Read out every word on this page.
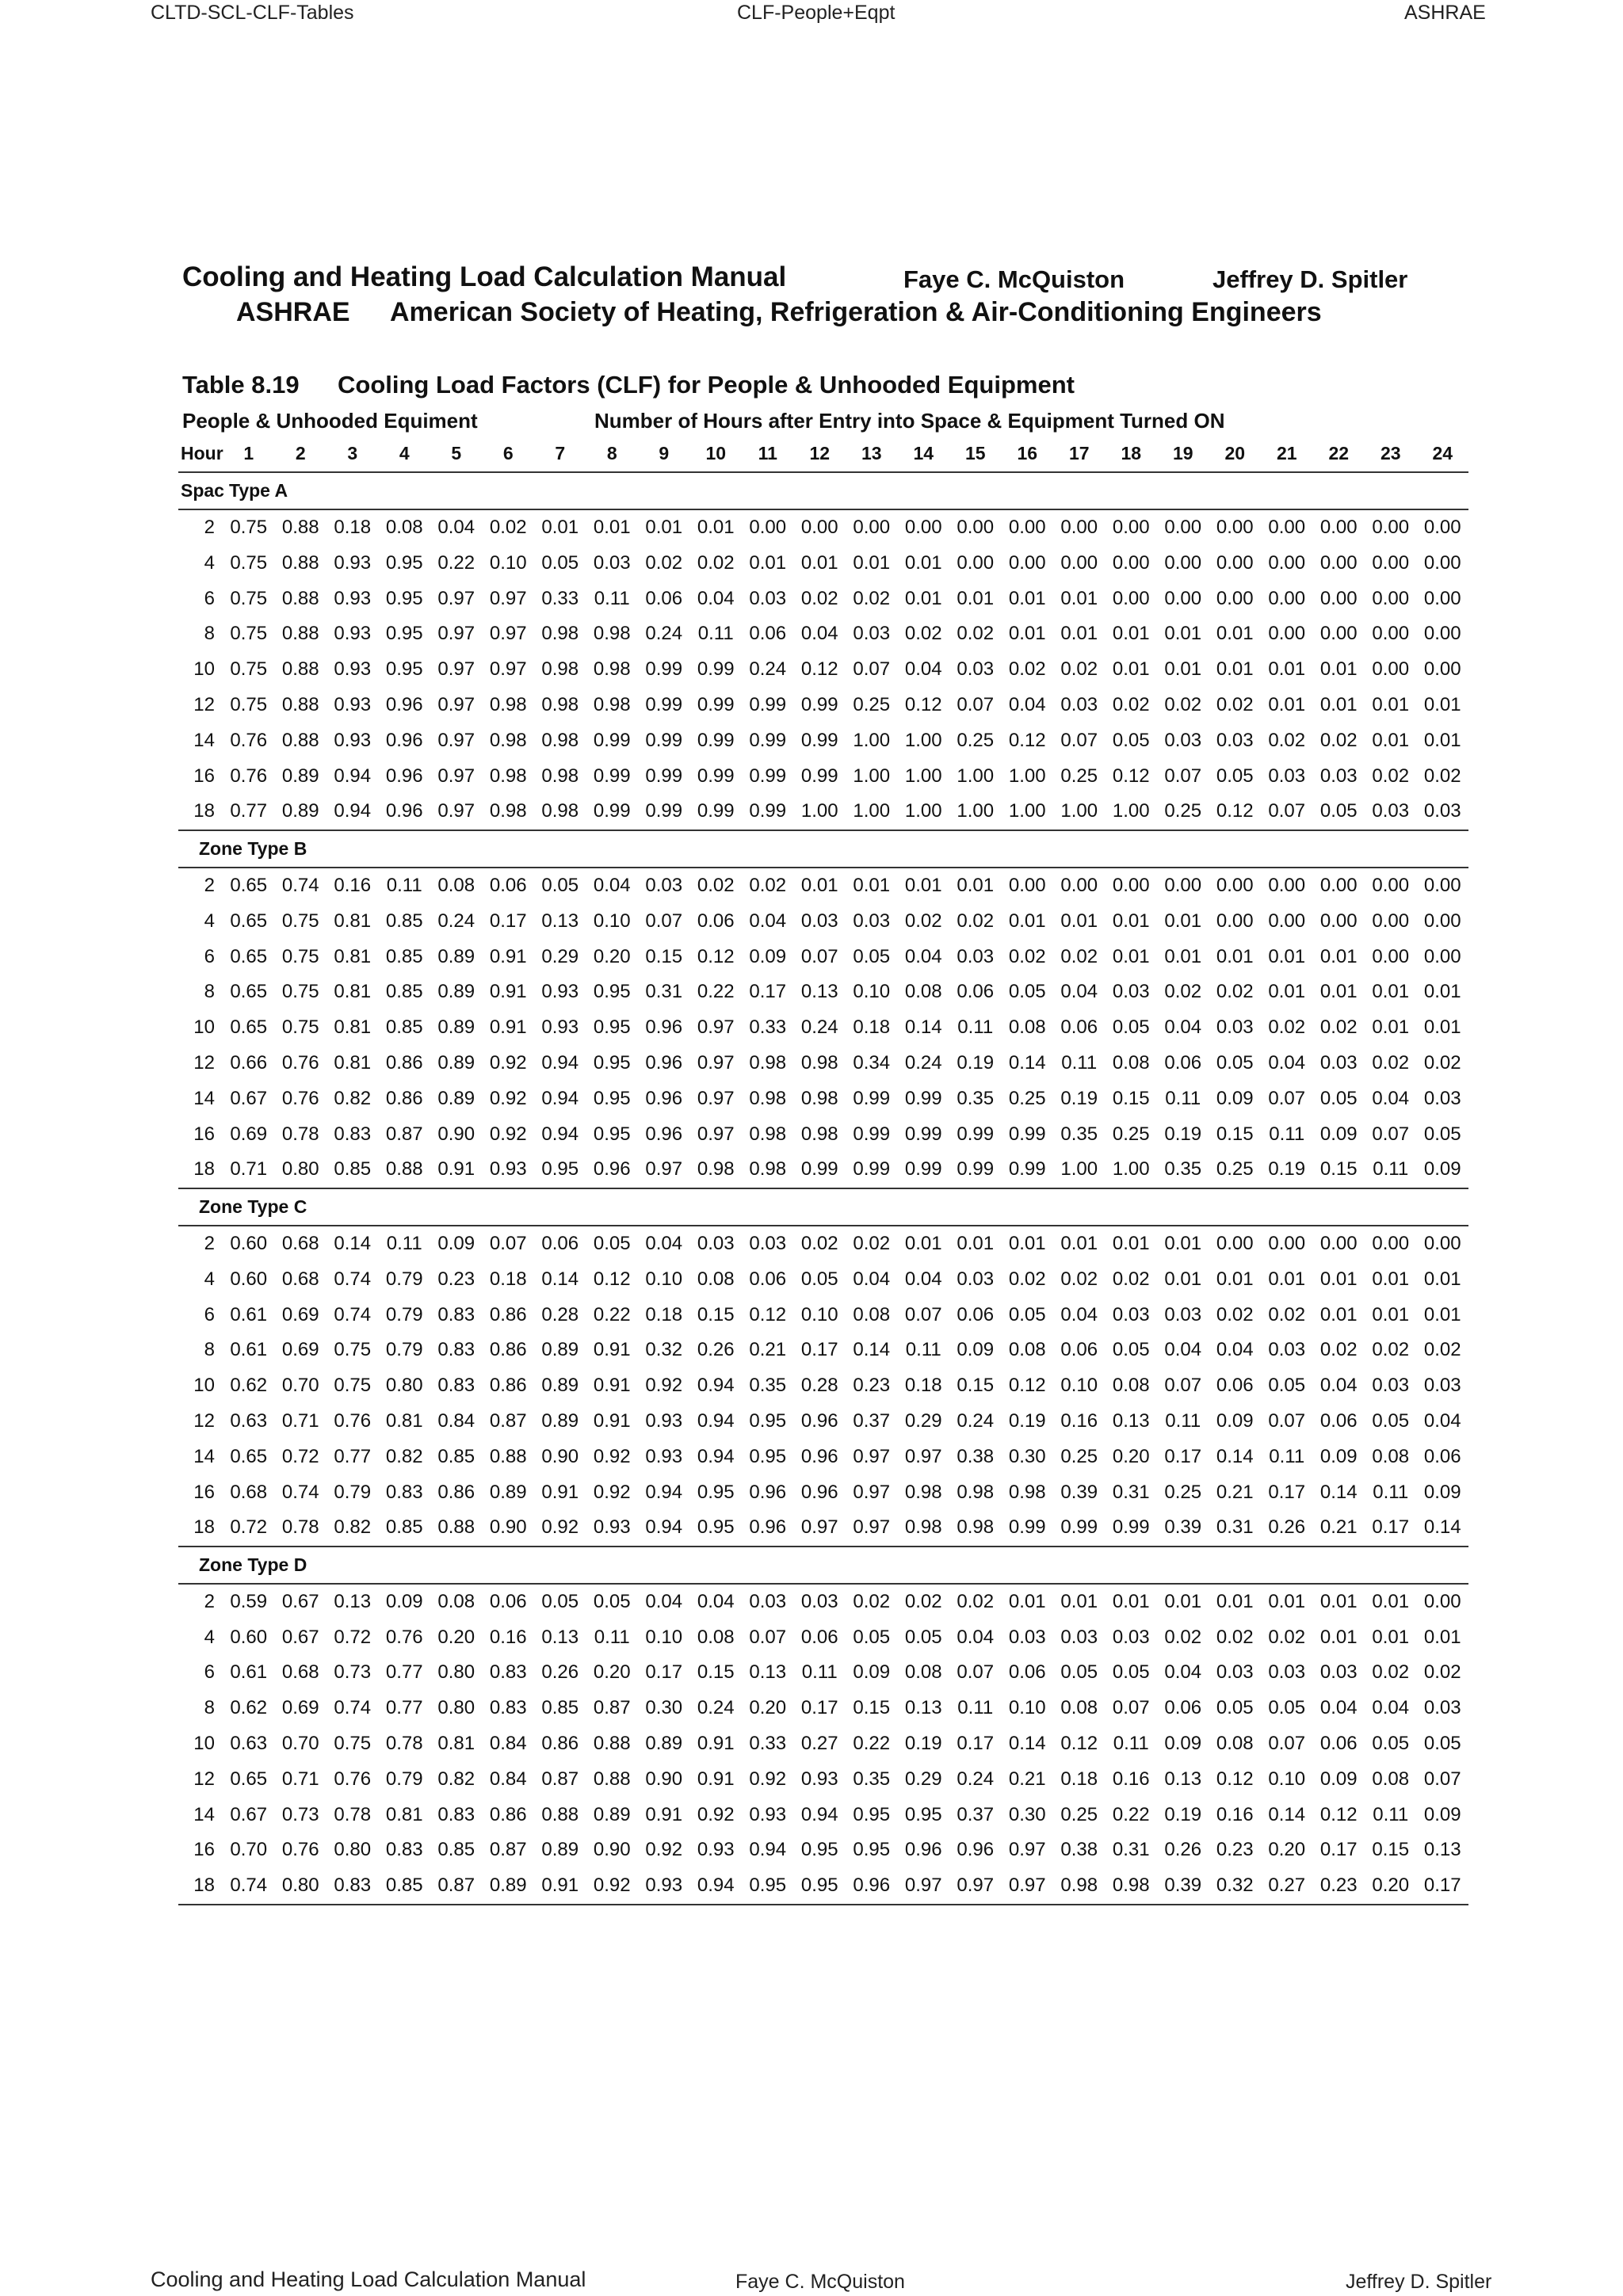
CLTD-SCL-CLF-Tables	CLF-People+Eqpt	ASHRAE
Cooling and Heating Load Calculation Manual	Faye C. McQuiston	Jeffrey D. Spitler
ASHRAE American Society of Heating, Refrigeration & Air-Conditioning Engineers
Table 8.19 Cooling Load Factors (CLF) for People & Unhooded Equipment
People & Unhooded Equiment	Number of Hours after Entry into Space & Equipment Turned ON
Hour	1	2	3	4	5	6	7	8	9	10	11	12	13	14	15	16	17	18	19	20	21	22	23	24
Spac	Type A																							
2	0.75	0.88	0.18	0.08	0.04	0.02	0.01	0.01	0.01	0.01	0.00	0.00	0.00	0.00	0.00	0.00	0.00	0.00	0.00	0.00	0.00	0.00	0.00	0.00
4	0.75	0.88	0.93	0.95	0.22	0.10	0.05	0.03	0.02	0.02	0.01	0.01	0.01	0.01	0.00	0.00	0.00	0.00	0.00	0.00	0.00	0.00	0.00	0.00
6	0.75	0.88	0.93	0.95	0.97	0.97	0.33	0.11	0.06	0.04	0.03	0.02	0.02	0.01	0.01	0.01	0.01	0.00	0.00	0.00	0.00	0.00	0.00	0.00
8	0.75	0.88	0.93	0.95	0.97	0.97	0.98	0.98	0.24	0.11	0.06	0.04	0.03	0.02	0.02	0.01	0.01	0.01	0.01	0.01	0.00	0.00	0.00	0.00
10	0.75	0.88	0.93	0.95	0.97	0.97	0.98	0.98	0.99	0.99	0.24	0.12	0.07	0.04	0.03	0.02	0.02	0.01	0.01	0.01	0.01	0.01	0.00	0.00
12	0.75	0.88	0.93	0.96	0.97	0.98	0.98	0.98	0.99	0.99	0.99	0.99	0.25	0.12	0.07	0.04	0.03	0.02	0.02	0.02	0.01	0.01	0.01	0.01
14	0.76	0.88	0.93	0.96	0.97	0.98	0.98	0.99	0.99	0.99	0.99	0.99	1.00	1.00	0.25	0.12	0.07	0.05	0.03	0.03	0.02	0.02	0.01	0.01
16	0.76	0.89	0.94	0.96	0.97	0.98	0.98	0.99	0.99	0.99	0.99	0.99	1.00	1.00	1.00	1.00	0.25	0.12	0.07	0.05	0.03	0.03	0.02	0.02
18	0.77	0.89	0.94	0.96	0.97	0.98	0.98	0.99	0.99	0.99	0.99	1.00	1.00	1.00	1.00	1.00	1.00	1.00	0.25	0.12	0.07	0.05	0.03	0.03
Zone Type B																								
2	0.65	0.74	0.16	0.11	0.08	0.06	0.05	0.04	0.03	0.02	0.02	0.01	0.01	0.01	0.01	0.00	0.00	0.00	0.00	0.00	0.00	0.00	0.00	0.00
4	0.65	0.75	0.81	0.85	0.24	0.17	0.13	0.10	0.07	0.06	0.04	0.03	0.03	0.02	0.02	0.01	0.01	0.01	0.01	0.00	0.00	0.00	0.00	0.00
6	0.65	0.75	0.81	0.85	0.89	0.91	0.29	0.20	0.15	0.12	0.09	0.07	0.05	0.04	0.03	0.02	0.02	0.01	0.01	0.01	0.01	0.01	0.00	0.00
8	0.65	0.75	0.81	0.85	0.89	0.91	0.93	0.95	0.31	0.22	0.17	0.13	0.10	0.08	0.06	0.05	0.04	0.03	0.02	0.02	0.01	0.01	0.01	0.01
10	0.65	0.75	0.81	0.85	0.89	0.91	0.93	0.95	0.96	0.97	0.33	0.24	0.18	0.14	0.11	0.08	0.06	0.05	0.04	0.03	0.02	0.02	0.01	0.01
12	0.66	0.76	0.81	0.86	0.89	0.92	0.94	0.95	0.96	0.97	0.98	0.98	0.34	0.24	0.19	0.14	0.11	0.08	0.06	0.05	0.04	0.03	0.02	0.02
14	0.67	0.76	0.82	0.86	0.89	0.92	0.94	0.95	0.96	0.97	0.98	0.98	0.99	0.99	0.35	0.25	0.19	0.15	0.11	0.09	0.07	0.05	0.04	0.03
16	0.69	0.78	0.83	0.87	0.90	0.92	0.94	0.95	0.96	0.97	0.98	0.98	0.99	0.99	0.99	0.99	0.35	0.25	0.19	0.15	0.11	0.09	0.07	0.05
18	0.71	0.80	0.85	0.88	0.91	0.93	0.95	0.96	0.97	0.98	0.98	0.99	0.99	0.99	0.99	0.99	1.00	1.00	0.35	0.25	0.19	0.15	0.11	0.09
Zone Type C																								
2	0.60	0.68	0.14	0.11	0.09	0.07	0.06	0.05	0.04	0.03	0.03	0.02	0.02	0.01	0.01	0.01	0.01	0.01	0.01	0.00	0.00	0.00	0.00	0.00
4	0.60	0.68	0.74	0.79	0.23	0.18	0.14	0.12	0.10	0.08	0.06	0.05	0.04	0.04	0.03	0.02	0.02	0.02	0.01	0.01	0.01	0.01	0.01	0.01
6	0.61	0.69	0.74	0.79	0.83	0.86	0.28	0.22	0.18	0.15	0.12	0.10	0.08	0.07	0.06	0.05	0.04	0.03	0.03	0.02	0.02	0.01	0.01	0.01
8	0.61	0.69	0.75	0.79	0.83	0.86	0.89	0.91	0.32	0.26	0.21	0.17	0.14	0.11	0.09	0.08	0.06	0.05	0.04	0.04	0.03	0.02	0.02	0.02
10	0.62	0.70	0.75	0.80	0.83	0.86	0.89	0.91	0.92	0.94	0.35	0.28	0.23	0.18	0.15	0.12	0.10	0.08	0.07	0.06	0.05	0.04	0.03	0.03
12	0.63	0.71	0.76	0.81	0.84	0.87	0.89	0.91	0.93	0.94	0.95	0.96	0.37	0.29	0.24	0.19	0.16	0.13	0.11	0.09	0.07	0.06	0.05	0.04
14	0.65	0.72	0.77	0.82	0.85	0.88	0.90	0.92	0.93	0.94	0.95	0.96	0.97	0.97	0.38	0.30	0.25	0.20	0.17	0.14	0.11	0.09	0.08	0.06
16	0.68	0.74	0.79	0.83	0.86	0.89	0.91	0.92	0.94	0.95	0.96	0.96	0.97	0.98	0.98	0.98	0.39	0.31	0.25	0.21	0.17	0.14	0.11	0.09
18	0.72	0.78	0.82	0.85	0.88	0.90	0.92	0.93	0.94	0.95	0.96	0.97	0.97	0.98	0.98	0.99	0.99	0.99	0.39	0.31	0.26	0.21	0.17	0.14
Zone Type D																								
2	0.59	0.67	0.13	0.09	0.08	0.06	0.05	0.05	0.04	0.04	0.03	0.03	0.02	0.02	0.02	0.01	0.01	0.01	0.01	0.01	0.01	0.01	0.01	0.00
4	0.60	0.67	0.72	0.76	0.20	0.16	0.13	0.11	0.10	0.08	0.07	0.06	0.05	0.05	0.04	0.03	0.03	0.03	0.02	0.02	0.02	0.01	0.01	0.01
6	0.61	0.68	0.73	0.77	0.80	0.83	0.26	0.20	0.17	0.15	0.13	0.11	0.09	0.08	0.07	0.06	0.05	0.05	0.04	0.03	0.03	0.03	0.02	0.02
8	0.62	0.69	0.74	0.77	0.80	0.83	0.85	0.87	0.30	0.24	0.20	0.17	0.15	0.13	0.11	0.10	0.08	0.07	0.06	0.05	0.05	0.04	0.04	0.03
10	0.63	0.70	0.75	0.78	0.81	0.84	0.86	0.88	0.89	0.91	0.33	0.27	0.22	0.19	0.17	0.14	0.12	0.11	0.09	0.08	0.07	0.06	0.05	0.05
12	0.65	0.71	0.76	0.79	0.82	0.84	0.87	0.88	0.90	0.91	0.92	0.93	0.35	0.29	0.24	0.21	0.18	0.16	0.13	0.12	0.10	0.09	0.08	0.07
14	0.67	0.73	0.78	0.81	0.83	0.86	0.88	0.89	0.91	0.92	0.93	0.94	0.95	0.95	0.37	0.30	0.25	0.22	0.19	0.16	0.14	0.12	0.11	0.09
16	0.70	0.76	0.80	0.83	0.85	0.87	0.89	0.90	0.92	0.93	0.94	0.95	0.95	0.96	0.96	0.97	0.38	0.31	0.26	0.23	0.20	0.17	0.15	0.13
18	0.74	0.80	0.83	0.85	0.87	0.89	0.91	0.92	0.93	0.94	0.95	0.95	0.96	0.97	0.97	0.97	0.98	0.98	0.39	0.32	0.27	0.23	0.20	0.17
Cooling and Heating Load Calculation Manual	Faye C. McQuiston	Jeffrey D. Spitler
